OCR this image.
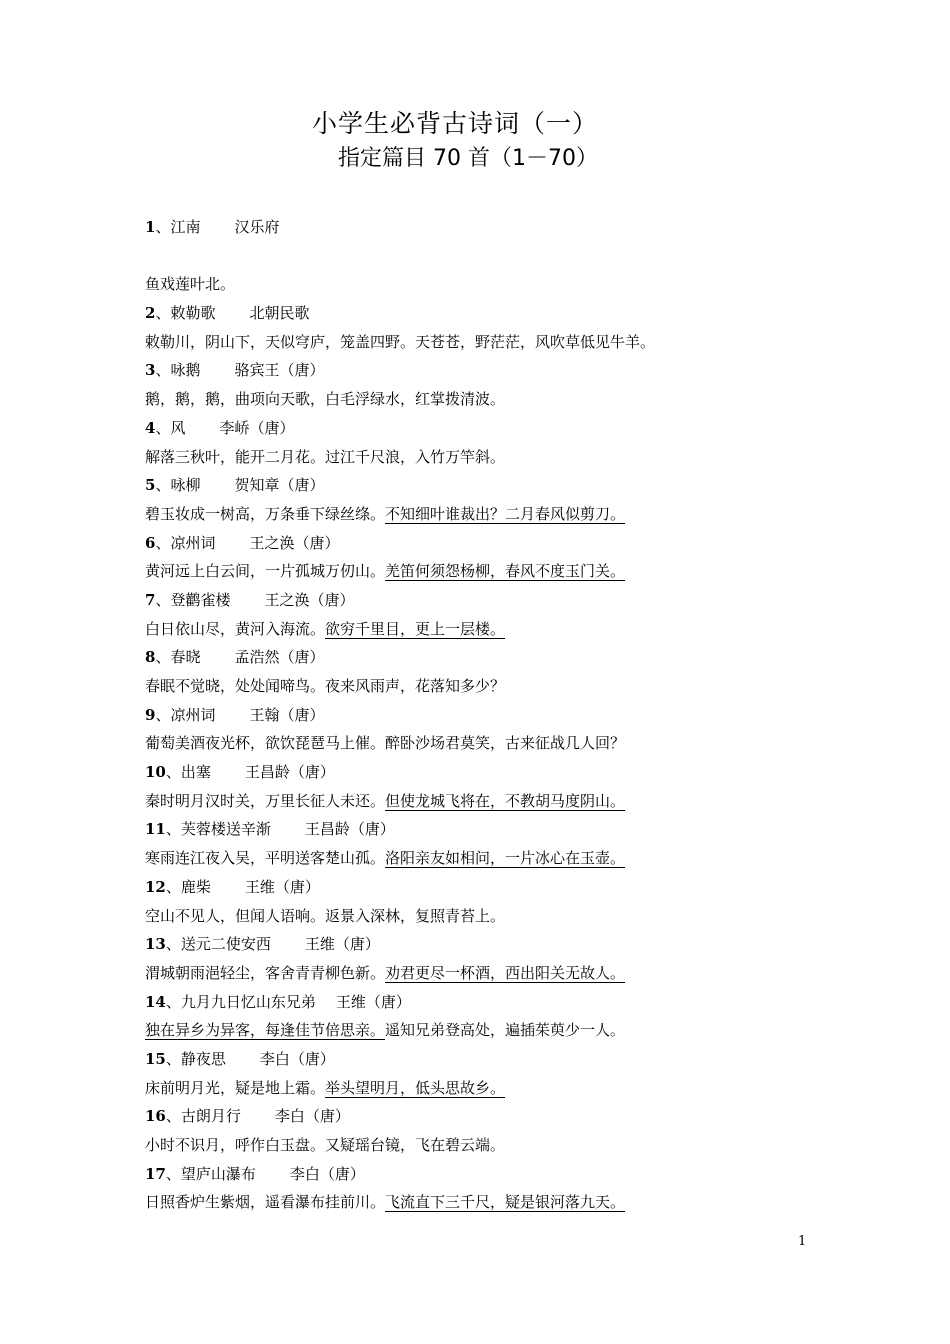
小学生必背古诗词（一）
指定篇目 70 首（1－70）
1、江南 汉乐府
鱼戏莲叶北。
2、敕勒歌 北朝民歌
敕勒川，阴山下，天似穹庐，笼盖四野。天苍苍，野茫茫，风吹草低见牛羊。
3、咏鹅 骆宾王（唐）
鹅，鹅，鹅，曲项向天歌，白毛浮绿水，红掌拨清波。
4、风 李峤（唐）
解落三秋叶，能开二月花。过江千尺浪，入竹万竿斜。
5、咏柳 贺知章（唐）
碧玉妆成一树高，万条垂下绿丝绦。不知细叶谁裁出？二月春风似剪刀。
6、凉州词 王之涣（唐）
黄河远上白云间，一片孤城万仞山。羌笛何须怨杨柳，春风不度玉门关。
7、登鹳雀楼 王之涣（唐）
白日依山尽，黄河入海流。欲穷千里目，更上一层楼。
8、春晓 孟浩然（唐）
春眠不觉晓，处处闻啼鸟。夜来风雨声，花落知多少？
9、凉州词 王翰（唐）
葡萄美酒夜光杯，欲饮琵琶马上催。醉卧沙场君莫笑，古来征战几人回？
10、出塞 王昌龄（唐）
秦时明月汉时关，万里长征人未还。但使龙城飞将在，不教胡马度阴山。
11、芙蓉楼送辛渐 王昌龄（唐）
寒雨连江夜入吴，平明送客楚山孤。洛阳亲友如相问，一片冰心在玉壶。
12、鹿柴 王维（唐）
空山不见人，但闻人语响。返景入深林，复照青苔上。
13、送元二使安西 王维（唐）
渭城朝雨浥轻尘，客舍青青柳色新。劝君更尽一杯酒，西出阳关无故人。
14、九月九日忆山东兄弟 王维（唐）
独在异乡为异客，每逢佳节倍思亲。遥知兄弟登高处，遍插茱萸少一人。
15、静夜思 李白（唐）
床前明月光，疑是地上霜。举头望明月，低头思故乡。
16、古朗月行 李白（唐）
小时不识月，呼作白玉盘。又疑瑶台镜，飞在碧云端。
17、望庐山瀑布 李白（唐）
日照香炉生紫烟，遥看瀑布挂前川。飞流直下三千尺，疑是银河落九天。
1
